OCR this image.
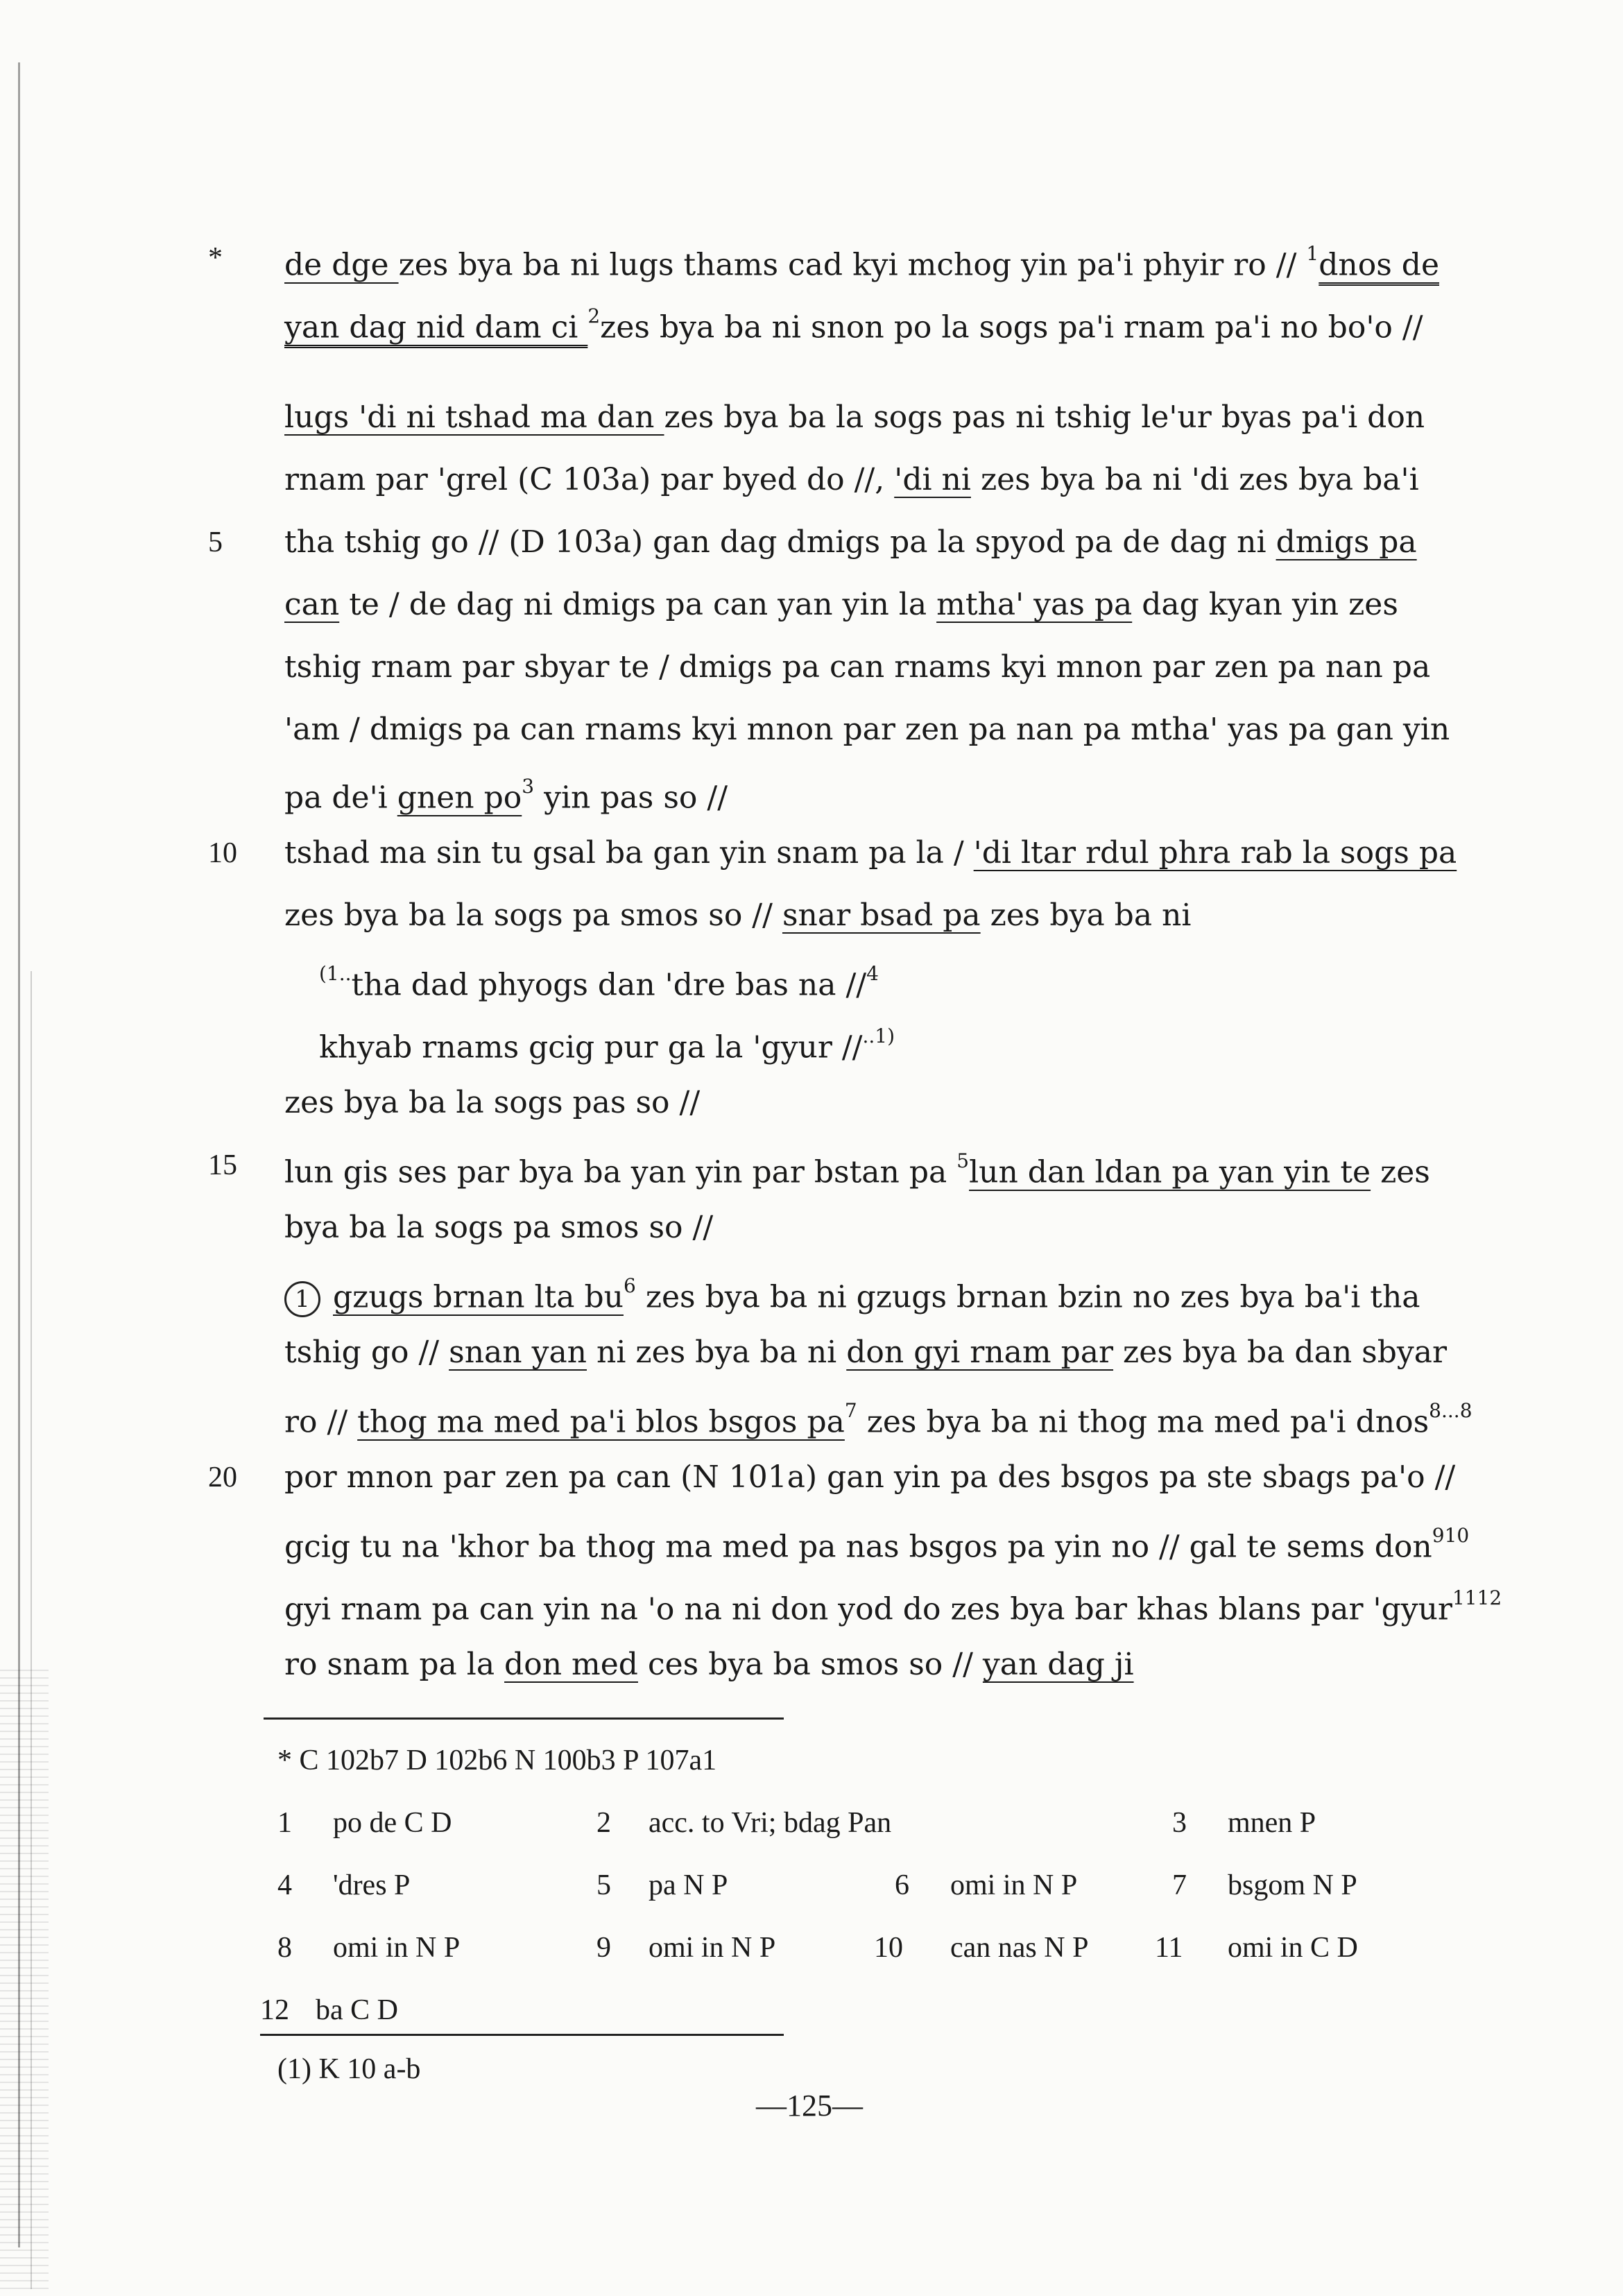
*
5
10
15
20
de dge zes bya ba ni lugs thams cad kyi mchog yin pa'i phyir ro // $^1$dnos de
yan dag nid dam ci $^2$zes bya ba ni snon po la sogs pa'i rnam pa'i no bo'o //
lugs 'di ni tshad ma dan zes bya ba la sogs pas ni tshig le'ur byas pa'i don
rnam par 'grel (C 103a) par byed do //, 'di ni zes bya ba ni 'di zes bya ba'i
tha tshig go // (D 103a) gan dag dmigs pa la spyod pa de dag ni dmigs pa
can te / de dag ni dmigs pa can yan yin la mtha' yas pa dag kyan yin zes
tshig rnam par sbyar te / dmigs pa can rnams kyi mnon par zen pa nan pa
'am / dmigs pa can rnams kyi mnon par zen pa nan pa mtha' yas pa gan yin
pa de'i gnen $po^3$ yin pas so //
tshad ma sin tu gsal ba gan yin snam pa la / 'di ltar rdul phra rab la sogs pa
zes bya ba la sogs pa smos so // snar bsad pa zes bya ba ni
$^{(1..}$tha dad phyogs dan 'dre bas na //$^4$
khyab rnams gcig pur ga la 'gyur //$^{..1)}$
zes bya ba la sogs pas so //
lun gis ses par bya ba yan yin par bstan pa $^5$lun dan ldan pa yan yin te zes
bya ba la sogs pa smos so //
1 gzugs brnan lta $bu^6$ zes bya ba ni gzugs brnan bzin no zes bya ba'i tha
tshig go // snan yan ni zes bya ba ni don gyi rnam par zes bya ba dan sbyar
ro // thog ma med pa'i blos bsgos $pa^7$ zes bya ba ni thog ma med pa'i dnos$^{8...8}$
por mnon par zen pa can (N 101a) gan yin pa des bsgos pa ste sbags pa'o //
gcig tu na 'khor ba thog ma med pa nas bsgos pa yin no // gal te sems don$^{910}$
gyi rnam pa can yin na 'o na ni don yod do zes bya bar khas blans par 'gyur$^{1112}$
ro snam pa la don med ces bya ba smos so // yan dag ji
* C 102b7 D 102b6 N 100b3 P 107a1
1 po de C D	2 acc. to Vri; bdag Pan	3 mnen P
4 'dres P	5 pa N P	6 omi in N P	7 bsgom N P
8 omi in N P	9 omi in N P	10 can nas N P 11 omi in C D
12 ba C D
(1) K 10 a-b
—125—
